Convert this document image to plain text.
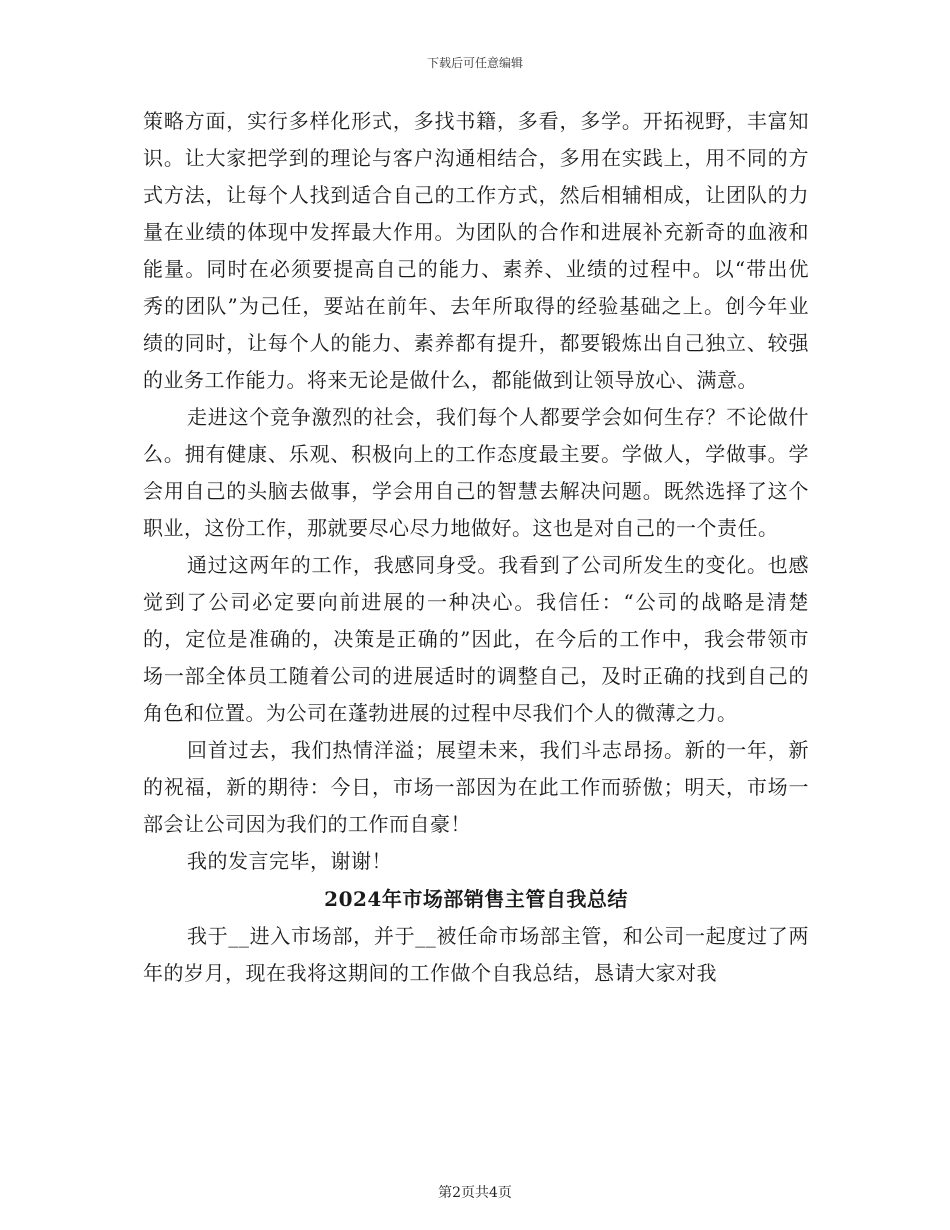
下载后可任意编辑

策略方面，实行多样化形式，多找书籍，多看，多学。开拓视野，丰富知识。让大家把学到的理论与客户沟通相结合，多用在实践上，用不同的方式方法，让每个人找到适合自己的工作方式，然后相辅相成，让团队的力量在业绩的体现中发挥最大作用。为团队的合作和进展补充新奇的血液和能量。同时在必须要提高自己的能力、素养、业绩的过程中。以“带出优秀的团队”为己任，要站在前年、去年所取得的经验基础之上。创今年业绩的同时，让每个人的能力、素养都有提升，都要锻炼出自己独立、较强的业务工作能力。将来无论是做什么，都能做到让领导放心、满意。

走进这个竞争激烈的社会，我们每个人都要学会如何生存？不论做什么。拥有健康、乐观、积极向上的工作态度最主要。学做人，学做事。学会用自己的头脑去做事，学会用自己的智慧去解决问题。既然选择了这个职业，这份工作，那就要尽心尽力地做好。这也是对自己的一个责任。

通过这两年的工作，我感同身受。我看到了公司所发生的变化。也感觉到了公司必定要向前进展的一种决心。我信任：“公司的战略是清楚的，定位是准确的，决策是正确的”因此，在今后的工作中，我会带领市场一部全体员工随着公司的进展适时的调整自己，及时正确的找到自己的角色和位置。为公司在蓬勃进展的过程中尽我们个人的微薄之力。

回首过去，我们热情洋溢；展望未来，我们斗志昂扬。新的一年，新的祝福，新的期待：今日，市场一部因为在此工作而骄傲；明天，市场一部会让公司因为我们的工作而自豪！

我的发言完毕，谢谢！

2024年市场部销售主管自我总结

我于__进入市场部，并于__被任命市场部主管，和公司一起度过了两年的岁月，现在我将这期间的工作做个自我总结，恳请大家对我

第2页共4页
